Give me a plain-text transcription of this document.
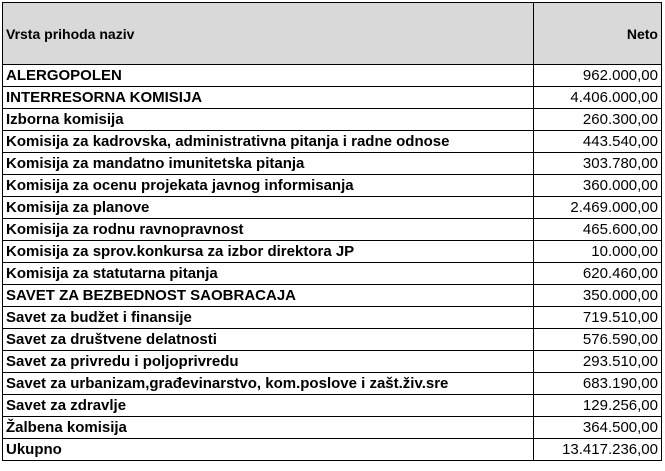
Vrsta prihoda naziv	Neto
ALERGOPOLEN	962.000,00
INTERRESORNA KOMISIJA	4.406.000,00
Izborna komisija	260.300,00
Komisija za kadrovska, administrativna pitanja i radne odnose	443.540,00
Komisija za mandatno imunitetska pitanja	303.780,00
Komisija za ocenu projekata javnog informisanja	360.000,00
Komisija za planove	2.469.000,00
Komisija za rodnu ravnopravnost	465.600,00
Komisija za sprov.konkursa za izbor direktora JP	10.000,00
Komisija za statutarna pitanja	620.460,00
SAVET ZA BEZBEDNOST SAOBRACAJA	350.000,00
Savet za budžet i finansije	719.510,00
Savet za društvene delatnosti	576.590,00
Savet za privredu i poljoprivredu	293.510,00
Savet za urbanizam,građevinarstvo, kom.poslove i zašt.živ.sre	683.190,00
Savet za zdravlje	129.256,00
Žalbena komisija	364.500,00
Ukupno	13.417.236,00
